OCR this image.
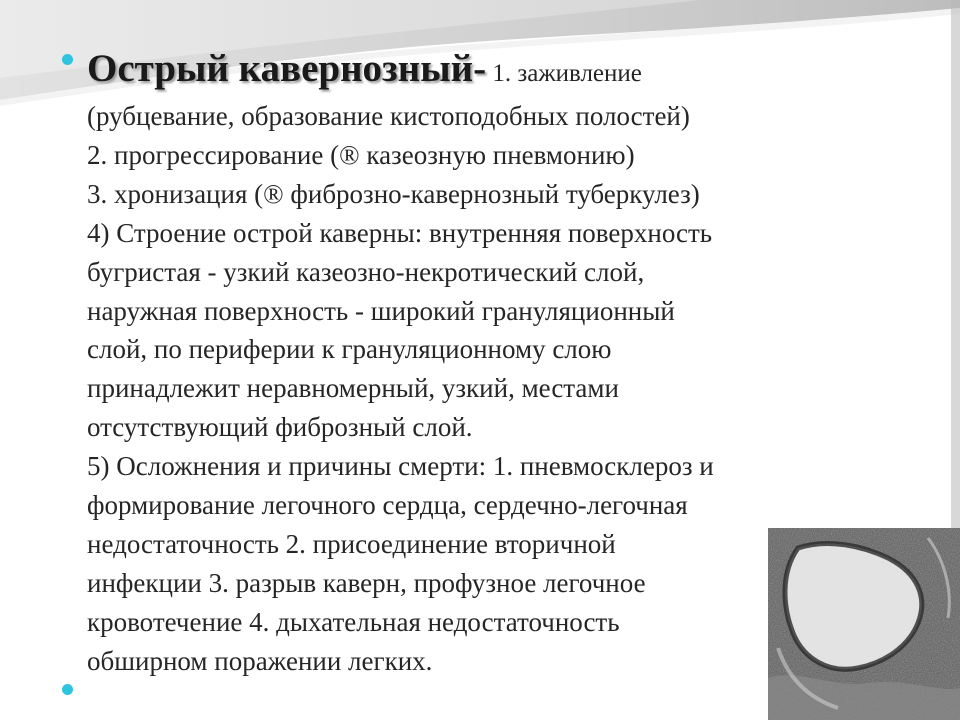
Острый кавернозный- 1. заживление
(рубцевание, образование кистоподобных полостей)
2. прогрессирование (® казеозную пневмонию)
3. хронизация (® фиброзно-кавернозный туберкулез)
4) Строение острой каверны: внутренняя поверхность
бугристая - узкий казеозно-некротический слой,
наружная поверхность - широкий грануляционный
слой, по периферии к грануляционному слою
принадлежит неравномерный, узкий, местами
отсутствующий фиброзный слой.
5) Осложнения и причины смерти: 1. пневмосклероз и
формирование легочного сердца, сердечно-легочная
недостаточность 2. присоединение вторичной
инфекции 3. разрыв каверн, профузное легочное
кровотечение 4. дыхательная недостаточность
обширном поражении легких.
